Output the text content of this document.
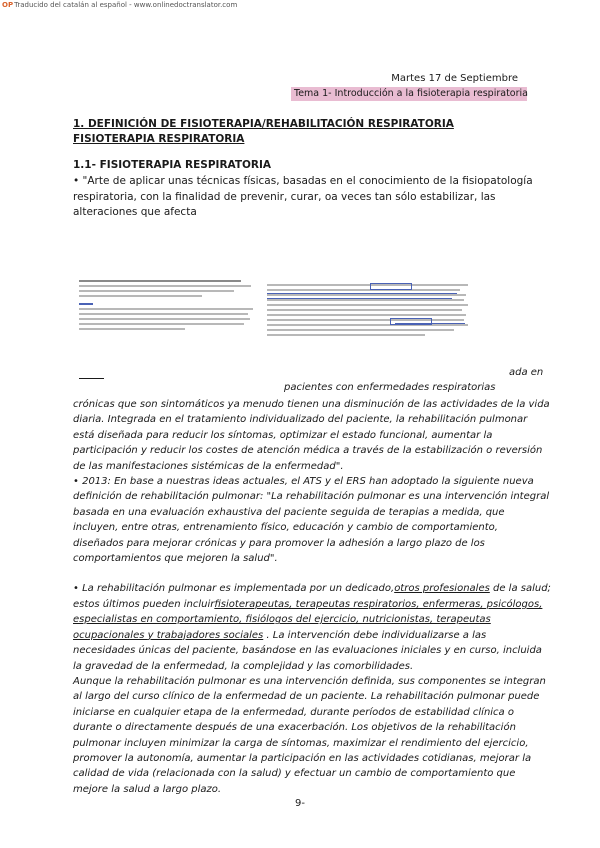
OPTraducido del catalán al español - www.onlinedoctranslator.com
Martes 17 de Septiembre
Tema 1- Introducción a la fisioterapia respiratoria
1. DEFINICIÓN DE FISIOTERAPIA/REHABILITACIÓN RESPIRATORIA FISIOTERAPIA RESPIRATORIA
1.1- FISIOTERAPIA RESPIRATORIA
• "Arte de aplicar unas técnicas físicas, basadas en el conocimiento de la fisiopatología respiratoria, con la finalidad de prevenir, curar, oa veces tan sólo estabilizar, las alteraciones que afecta
ada en
pacientes con enfermedades respiratorias

crónicas que son sintomáticos ya menudo tienen una disminución de las actividades de la vida diaria. Integrada en el tratamiento individualizado del paciente, la rehabilitación pulmonar está diseñada para reducir los síntomas, optimizar el estado funcional, aumentar la participación y reducir los costes de atención médica a través de la estabilización o reversión de las manifestaciones sistémicas de la enfermedad".

• 2013: En base a nuestras ideas actuales, el ATS y el ERS han adoptado la siguiente nueva definición de rehabilitación pulmonar: "La rehabilitación pulmonar es una intervención integral basada en una evaluación exhaustiva del paciente seguida de terapias a medida, que incluyen, entre otras, entrenamiento físico, educación y cambio de comportamiento, diseñados para mejorar crónicas y para promover la adhesión a largo plazo de los comportamientos que mejoren la salud".

• La rehabilitación pulmonar es implementada por un dedicado,otros profesionales de la salud; estos últimos pueden incluirfisioterapeutas, terapeutas respiratorios, enfermeras, psicólogos, especialistas en comportamiento, fisiólogos del ejercicio, nutricionistas, terapeutas ocupacionales y trabajadores sociales . La intervención debe individualizarse a las necesidades únicas del paciente, basándose en las evaluaciones iniciales y en curso, incluida la gravedad de la enfermedad, la complejidad y las comorbilidades.

Aunque la rehabilitación pulmonar es una intervención definida, sus componentes se integran al largo del curso clínico de la enfermedad de un paciente. La rehabilitación pulmonar puede iniciarse en cualquier etapa de la enfermedad, durante períodos de estabilidad clínica o durante o directamente después de una exacerbación. Los objetivos de la rehabilitación pulmonar incluyen minimizar la carga de síntomas, maximizar el rendimiento del ejercicio, promover la autonomía, aumentar la participación en las actividades cotidianas, mejorar la calidad de vida (relacionada con la salud) y efectuar un cambio de comportamiento que mejore la salud a largo plazo.

9-
